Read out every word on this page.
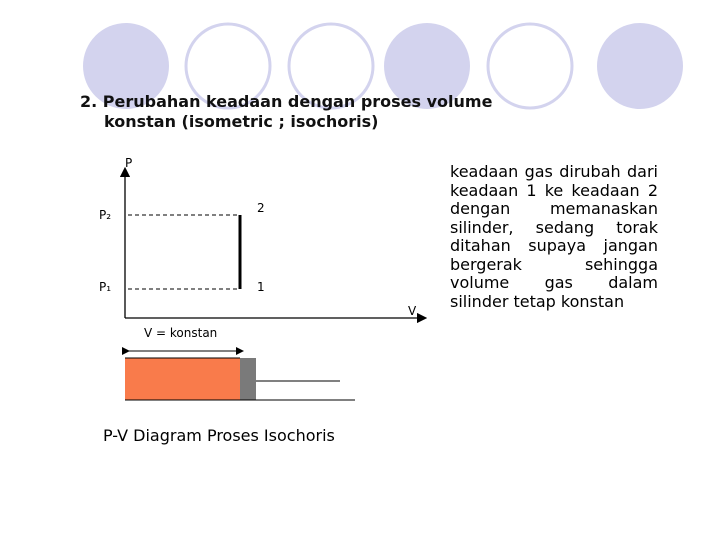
2. Perubahan keadaan dengan proses volume
konstan (isometric ; isochoris)
P
V
P₂
P₁
2
1
V = konstan
P-V Diagram Proses Isochoris
keadaan gas dirubah dari keadaan 1 ke keadaan 2 dengan memanaskan silinder, sedang torak ditahan supaya jangan bergerak sehingga volume gas dalam silinder tetap konstan
